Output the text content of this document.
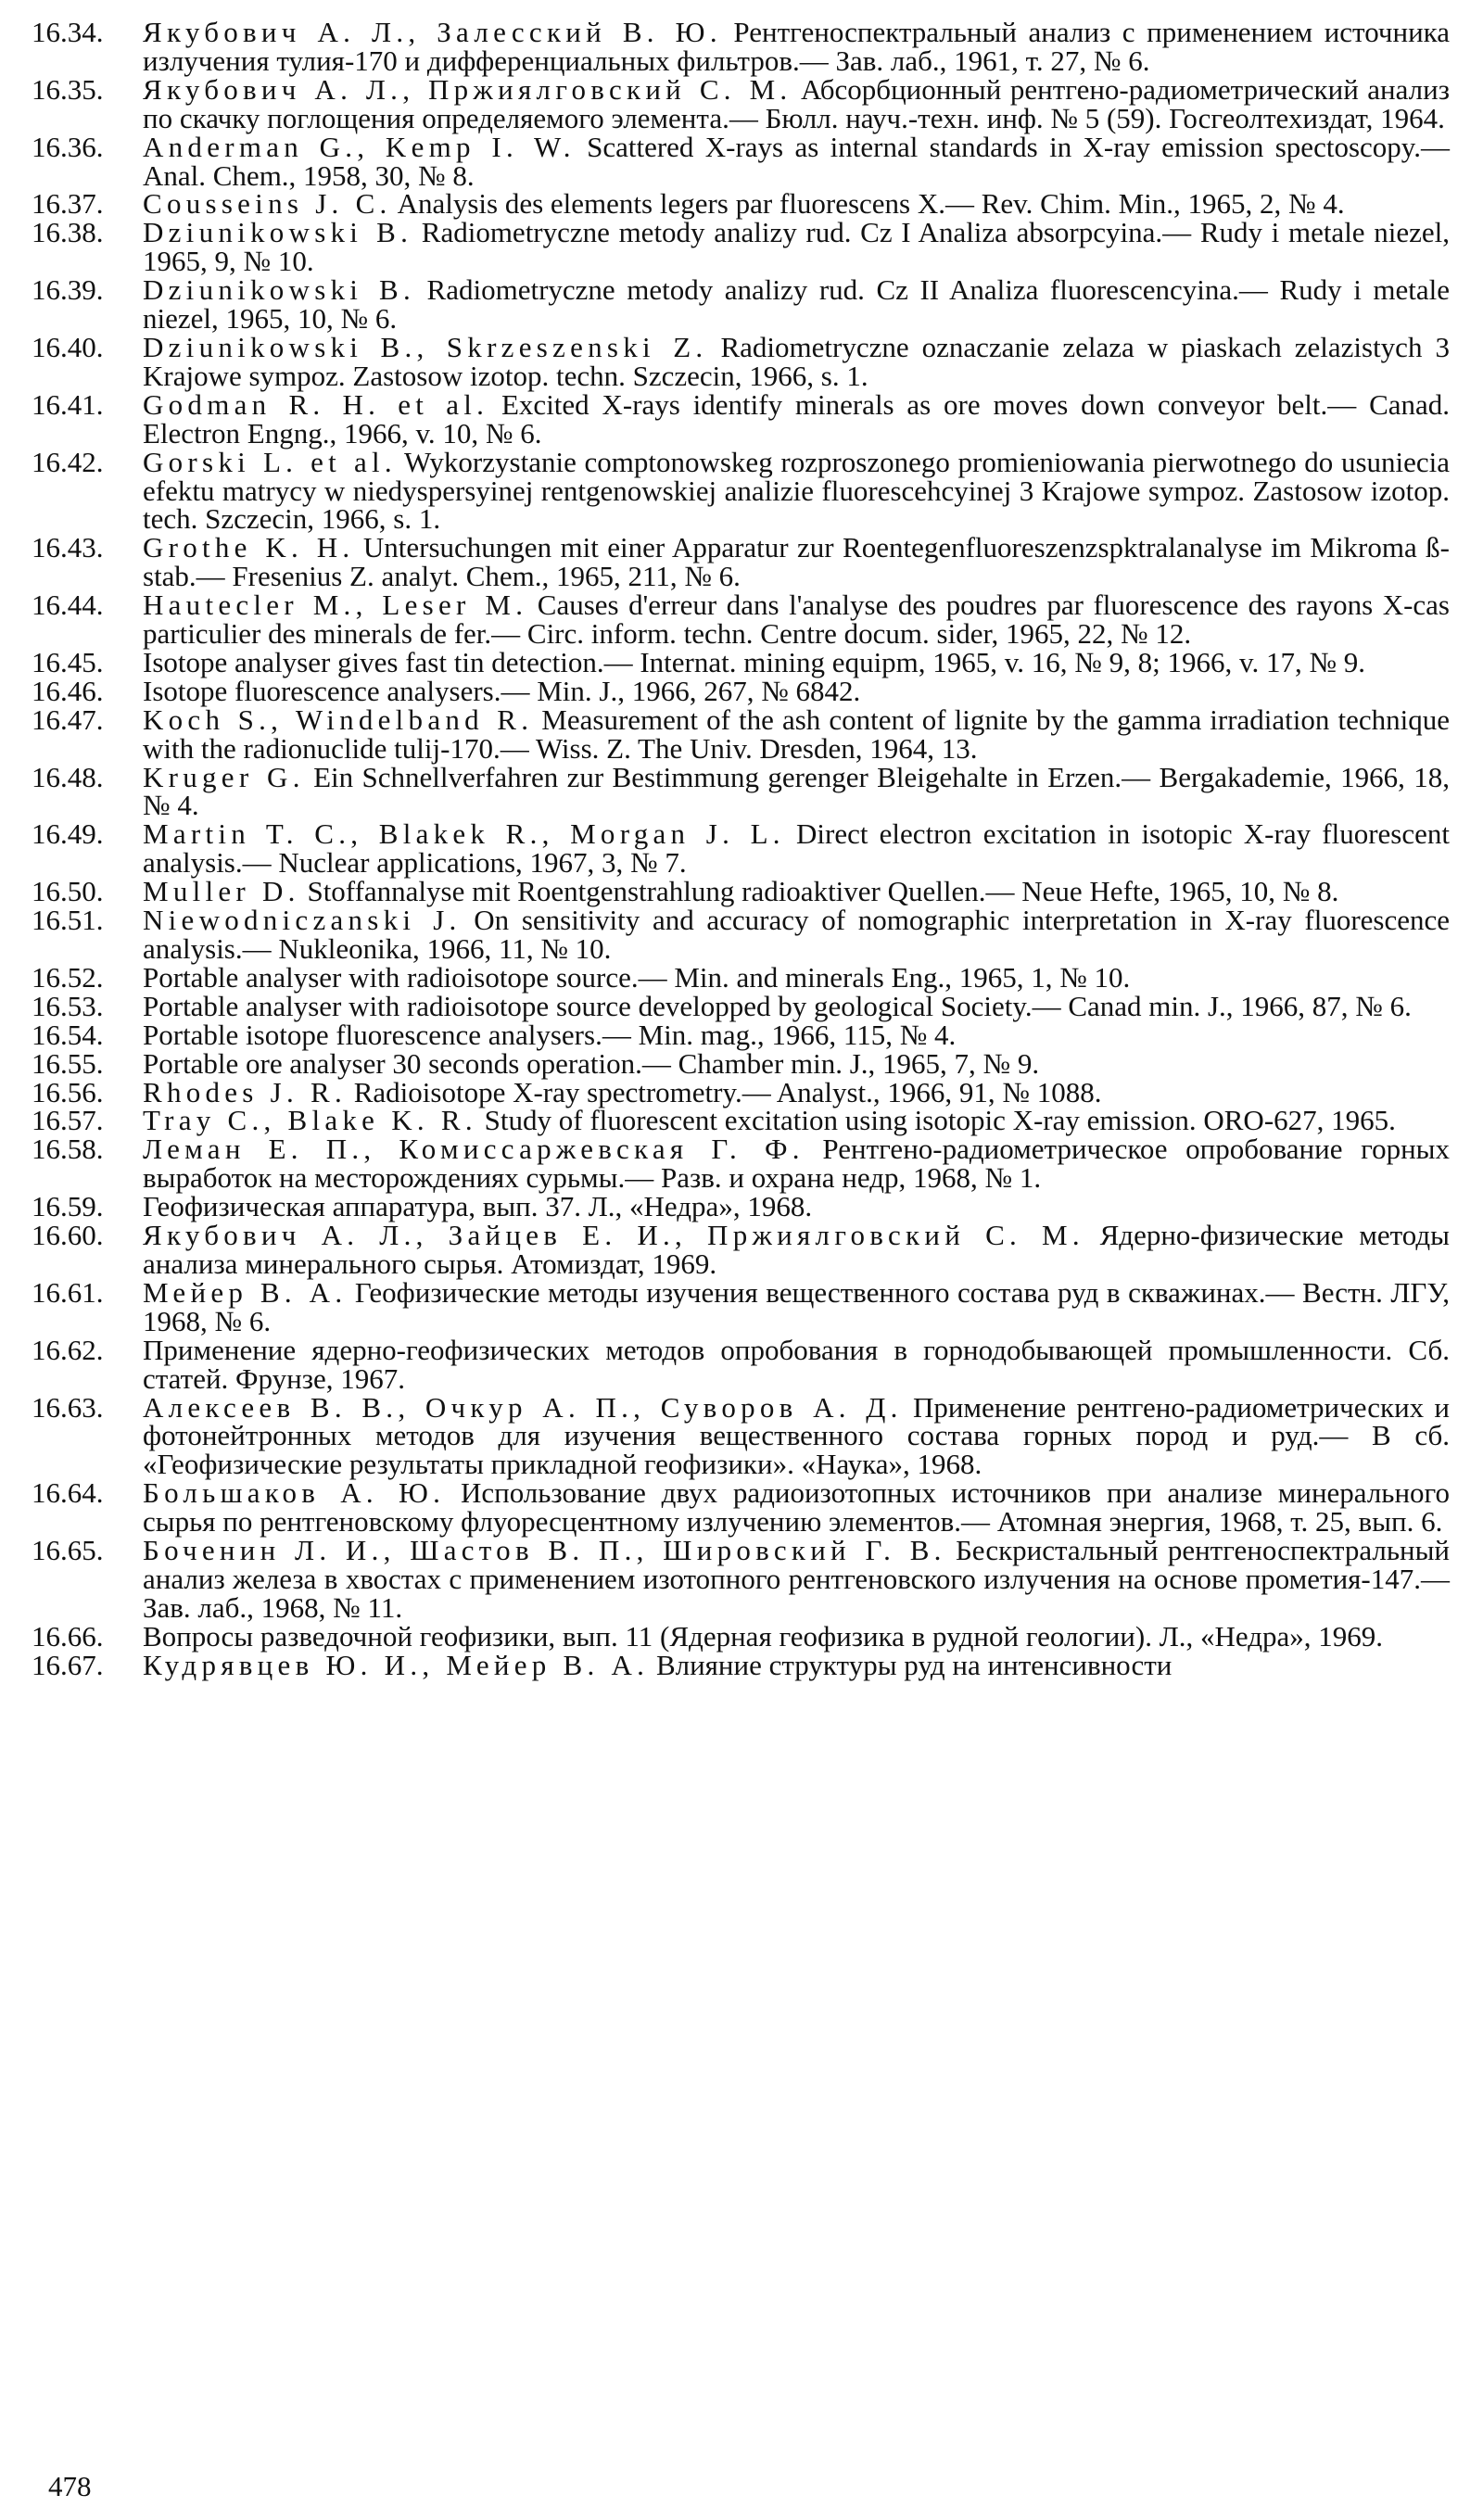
16.34.	Якубович А. Л., Залесский В. Ю. Рентгеноспектральный анализ с применением источника излучения тулия-170 и дифференциальных фильтров.— Зав. лаб., 1961, т. 27, № 6.
16.35.	Якубович А. Л., Пржиялговский С. М. Абсорбционный рентгено-радиометрический анализ по скачку поглощения определяемого элемента.— Бюлл. науч.-техн. инф. № 5 (59). Госгеолтехиздат, 1964.
16.36.	Anderman G., Kemp I. W. Scattered X-rays as internal standards in X-ray emission spectoscopy.— Anal. Chem., 1958, 30, № 8.
16.37.	Cousseins J. C. Analysis des elements legers par fluorescens X.— Rev. Chim. Min., 1965, 2, № 4.
16.38.	Dziunikowski B. Radiometryczne metody analizy rud. Cz I Analiza absorpcyina.— Rudy i metale niezel, 1965, 9, № 10.
16.39.	Dziunikowski B. Radiometryczne metody analizy rud. Cz II Analiza fluorescencyina.— Rudy i metale niezel, 1965, 10, № 6.
16.40.	Dziunikowski B., Skrzeszenski Z. Radiometryczne oznaczanie zelaza w piaskach zelazistych 3 Krajowe sympoz. Zastosow izotop. techn. Szczecin, 1966, s. 1.
16.41.	Godman R. H. et al. Excited X-rays identify minerals as ore moves down conveyor belt.— Canad. Electron Engng., 1966, v. 10, № 6.
16.42.	Gorski L. et al. Wykorzystanie comptonowskeg rozproszonego promieniowania pierwotnego do usuniecia efektu matrycy w niedyspersyinej rentgenowskiej analizie fluorescehcyinej 3 Krajowe sympoz. Zastosow izotop. tech. Szczecin, 1966, s. 1.
16.43.	Grothe K. H. Untersuchungen mit einer Apparatur zur Roentegenfluoreszenzspktralanalyse im Mikroma ß-stab.— Fresenius Z. analyt. Chem., 1965, 211, № 6.
16.44.	Hautecler M., Leser M. Causes d'erreur dans l'analyse des poudres par fluorescence des rayons X-cas particulier des minerals de fer.— Circ. inform. techn. Centre docum. sider, 1965, 22, № 12.
16.45.	Isotope analyser gives fast tin detection.— Internat. mining equipm, 1965, v. 16, № 9, 8; 1966, v. 17, № 9.
16.46.	Isotope fluorescence analysers.— Min. J., 1966, 267, № 6842.
16.47.	Koch S., Windelband R. Measurement of the ash content of lignite by the gamma irradiation technique with the radionuclide tulij-170.— Wiss. Z. The Univ. Dresden, 1964, 13.
16.48.	Kruger G. Ein Schnellverfahren zur Bestimmung gerenger Bleigehalte in Erzen.— Bergakademie, 1966, 18, № 4.
16.49.	Martin T. C., Blakek R., Morgan J. L. Direct electron excitation in isotopic X-ray fluorescent analysis.— Nuclear applications, 1967, 3, № 7.
16.50.	Muller D. Stoffannalyse mit Roentgenstrahlung radioaktiver Quellen.— Neue Hefte, 1965, 10, № 8.
16.51.	Niewodniczanski J. On sensitivity and accuracy of nomographic interpretation in X-ray fluorescence analysis.— Nukleonika, 1966, 11, № 10.
16.52.	Portable analyser with radioisotope source.— Min. and minerals Eng., 1965, 1, № 10.
16.53.	Portable analyser with radioisotope source developped by geological Society.— Canad min. J., 1966, 87, № 6.
16.54.	Portable isotope fluorescence analysers.— Min. mag., 1966, 115, № 4.
16.55.	Portable ore analyser 30 seconds operation.— Chamber min. J., 1965, 7, № 9.
16.56.	Rhodes J. R. Radioisotope X-ray spectrometry.— Analyst., 1966, 91, № 1088.
16.57.	Tray C., Blake K. R. Study of fluorescent excitation using isotopic X-ray emission. ORO-627, 1965.
16.58.	Леман Е. П., Комиссаржевская Г. Ф. Рентгено-радиометрическое опробование горных выработок на месторождениях сурьмы.— Разв. и охрана недр, 1968, № 1.
16.59.	Геофизическая аппаратура, вып. 37. Л., «Недра», 1968.
16.60.	Якубович А. Л., Зайцев Е. И., Пржиялговский С. М. Ядерно-физические методы анализа минерального сырья. Атомиздат, 1969.
16.61.	Мейер В. А. Геофизические методы изучения вещественного состава руд в скважинах.— Вестн. ЛГУ, 1968, № 6.
16.62.	Применение ядерно-геофизических методов опробования в горнодобывающей промышленности. Сб. статей. Фрунзе, 1967.
16.63.	Алексеев В. В., Очкур А. П., Суворов А. Д. Применение рентгено-радиометрических и фотонейтронных методов для изучения вещественного состава горных пород и руд.— В сб. «Геофизические результаты прикладной геофизики». «Наука», 1968.
16.64.	Большаков А. Ю. Использование двух радиоизотопных источников при анализе минерального сырья по рентгеновскому флуоресцентному излучению элементов.— Атомная энергия, 1968, т. 25, вып. 6.
16.65.	Боченин Л. И., Шастов В. П., Шировский Г. В. Бескристальный рентгеноспектральный анализ железа в хвостах с применением изотопного рентгеновского излучения на основе прометия-147.— Зав. лаб., 1968, № 11.
16.66.	Вопросы разведочной геофизики, вып. 11 (Ядерная геофизика в рудной геологии). Л., «Недра», 1969.
16.67.	Кудрявцев Ю. И., Мейер В. А. Влияние структуры руд на интенсивности
478
